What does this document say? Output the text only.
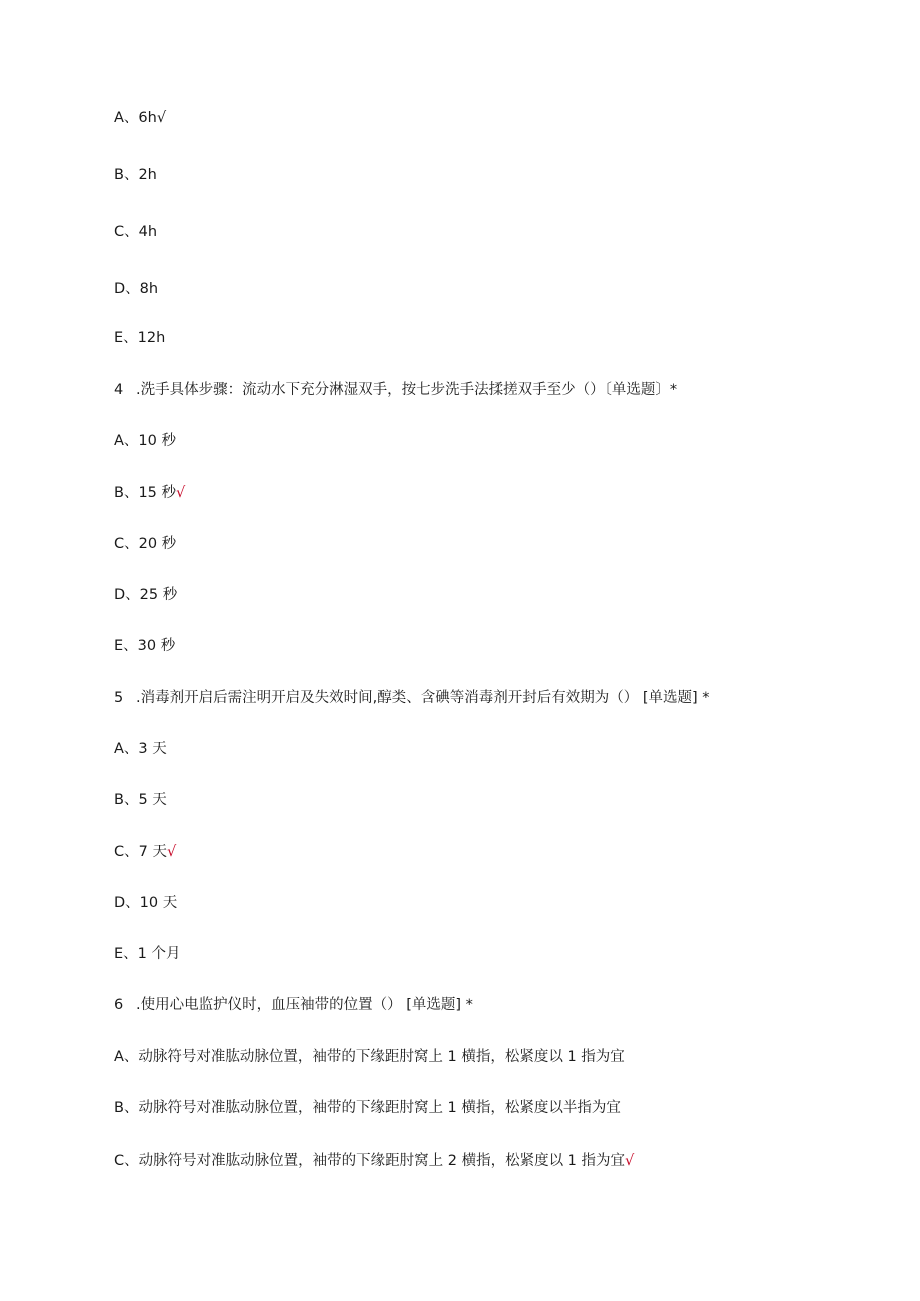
A、6h√
B、2h
C、4h
D、8h
E、12h
4 .洗手具体步骤：流动水下充分淋湿双手，按七步洗手法揉搓双手至少（）〔单选题〕*
A、10 秒
B、15 秒√
C、20 秒
D、25 秒
E、30 秒
5 .消毒剂开启后需注明开启及失效时间,醇类、含碘等消毒剂开封后有效期为（） [单选题] *
A、3 天
B、5 天
C、7 天√
D、10 天
E、1 个月
6 .使用心电监护仪时，血压袖带的位置（） [单选题] *
A、动脉符号对准肱动脉位置，袖带的下缘距肘窝上 1 横指，松紧度以 1 指为宜
B、动脉符号对准肱动脉位置，袖带的下缘距肘窝上 1 横指，松紧度以半指为宜
C、动脉符号对准肱动脉位置，袖带的下缘距肘窝上 2 横指，松紧度以 1 指为宜√
